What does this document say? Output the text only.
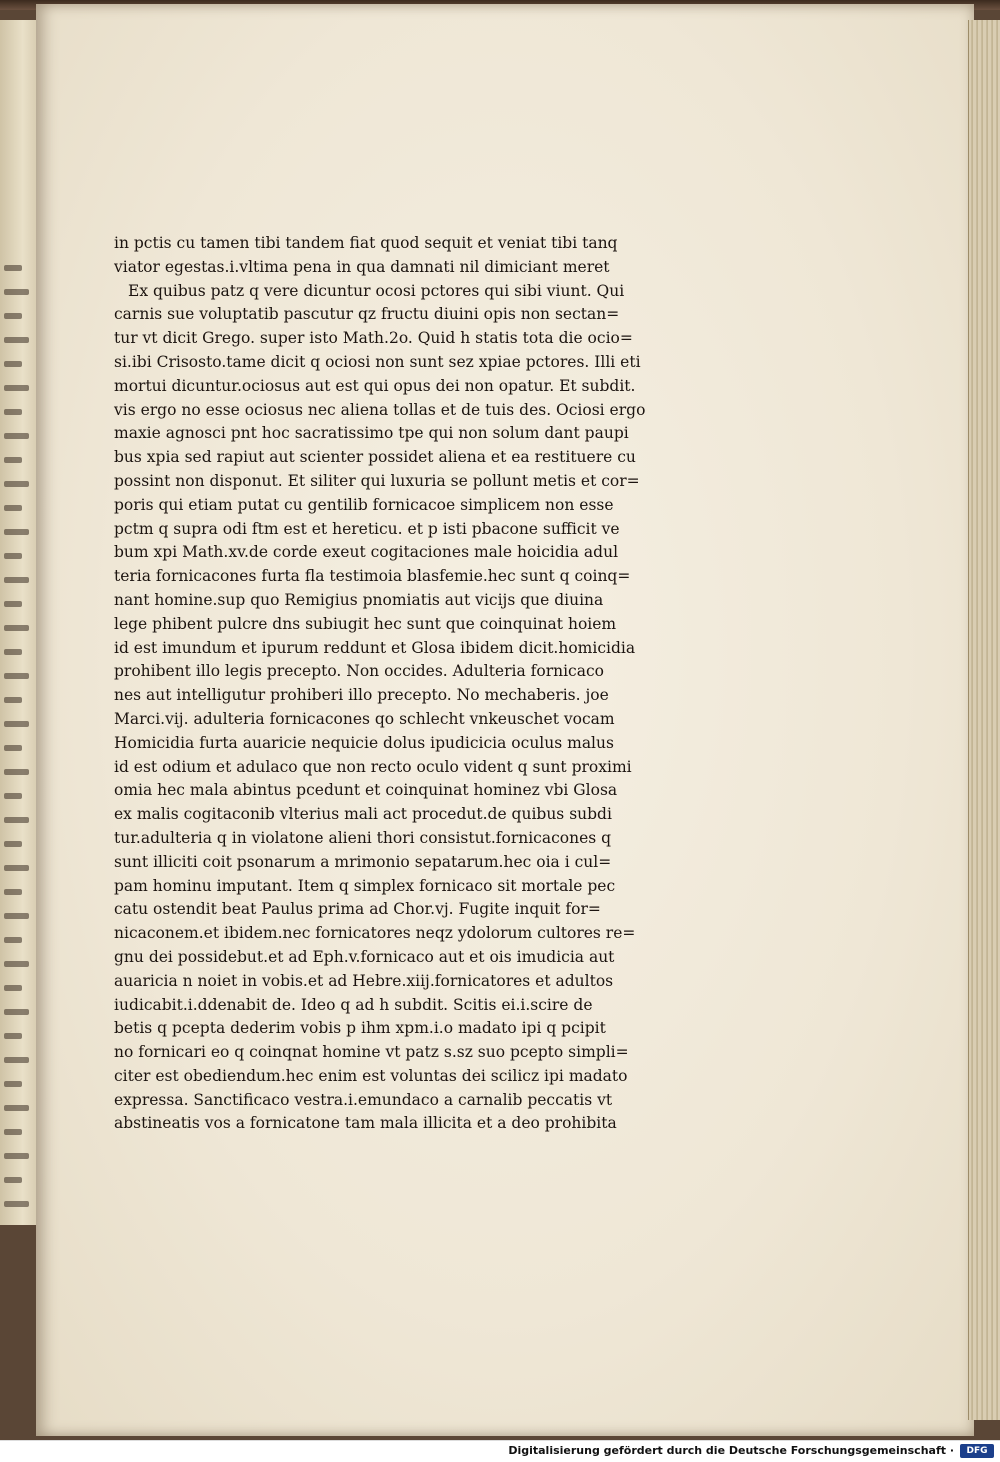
in pctis cu tamen tibi tandem fiat quod sequit et veniat tibi tanq
viator egestas.i.vltima pena in qua damnati nil dimiciant meret
Ex quibus patz q vere dicuntur ocosi pctores qui sibi viunt. Qui
carnis sue voluptatib pascutur qz fructu diuini opis non sectan=
tur vt dicit Grego. super isto Math.2o. Quid h statis tota die ocio=
si.ibi Crisosto.tame dicit q ociosi non sunt sez xpiae pctores. Illi eti
mortui dicuntur.ociosus aut est qui opus dei non opatur. Et subdit.
vis ergo no esse ociosus nec aliena tollas et de tuis des. Ociosi ergo
maxie agnosci pnt hoc sacratissimo tpe qui non solum dant paupi
bus xpia sed rapiut aut scienter possidet aliena et ea restituere cu
possint non disponut. Et siliter qui luxuria se pollunt metis et cor=
poris qui etiam putat cu gentilib fornicacoe simplicem non esse
pctm q supra odi ftm est et hereticu. et p isti pbacone sufficit ve
bum xpi Math.xv.de corde exeut cogitaciones male hoicidia adul
teria fornicacones furta fla testimoia blasfemie.hec sunt q coinq=
nant homine.sup quo Remigius pnomiatis aut vicijs que diuina
lege phibent pulcre dns subiugit hec sunt que coinquinat hoiem
id est imundum et ipurum reddunt et Glosa ibidem dicit.homicidia
prohibent illo legis precepto. Non occides. Adulteria fornicaco
nes aut intelligutur prohiberi illo precepto. No mechaberis. joe
Marci.vij. adulteria fornicacones qo schlecht vnkeuschet vocam
Homicidia furta auaricie nequicie dolus ipudicicia oculus malus
id est odium et adulaco que non recto oculo vident q sunt proximi
omia hec mala abintus pcedunt et coinquinat hominez vbi Glosa
ex malis cogitaconib vlterius mali act procedut.de quibus subdi
tur.adulteria q in violatone alieni thori consistut.fornicacones q
sunt illiciti coit psonarum a mrimonio sepatarum.hec oia i cul=
pam hominu imputant. Item q simplex fornicaco sit mortale pec
catu ostendit beat Paulus prima ad Chor.vj. Fugite inquit for=
nicaconem.et ibidem.nec fornicatores neqz ydolorum cultores re=
gnu dei possidebut.et ad Eph.v.fornicaco aut et ois imudicia aut
auaricia n noiet in vobis.et ad Hebre.xiij.fornicatores et adultos
iudicabit.i.ddenabit de. Ideo q ad h subdit. Scitis ei.i.scire de
betis q pcepta dederim vobis p ihm xpm.i.o madato ipi q pcipit
no fornicari eo q coinqnat homine vt patz s.sz suo pcepto simpli=
citer est obediendum.hec enim est voluntas dei scilicz ipi madato
expressa. Sanctificaco vestra.i.emundaco a carnalib peccatis vt
abstineatis vos a fornicatone tam mala illicita et a deo prohibita
Digitalisierung gefördert durch die Deutsche Forschungsgemeinschaft ·	DFG
